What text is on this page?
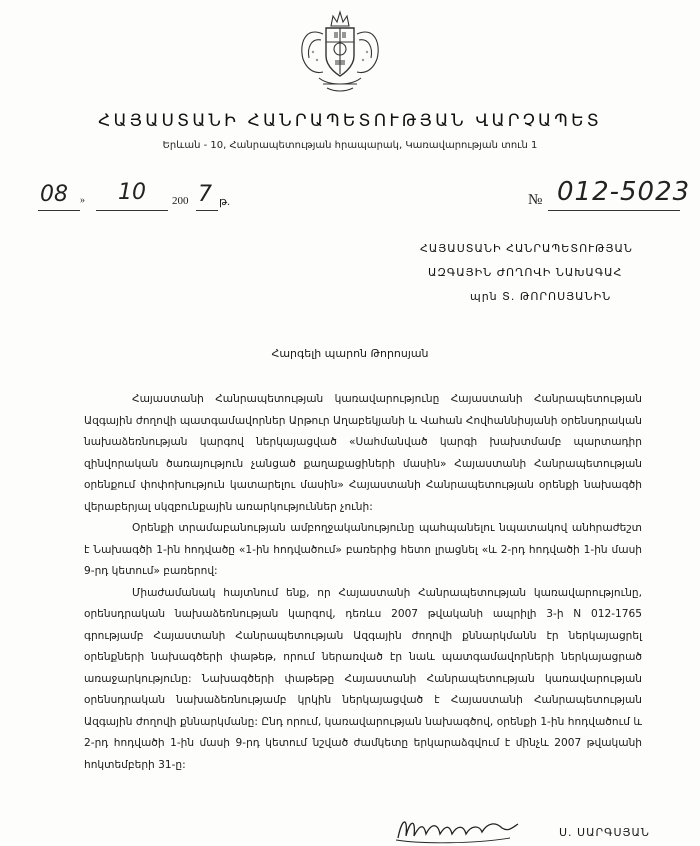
ՀԱՅԱՍՏԱՆԻ ՀԱՆՐԱՊԵՏՈՒԹՅԱՆ ՎԱՐՉԱՊԵՏ
Երևան - 10, Հանրապետության հրապարակ, Կառավարության տուն 1
08 » 10 200 7 թ.	№ 012-5023
ՀԱՅԱՍՏԱՆԻ ՀԱՆՐԱՊԵՏՈՒԹՅԱՆ
ԱԶԳԱՅԻՆ ԺՈՂՈՎԻ ՆԱԽԱԳԱՀ
պրն Տ. ԹՈՐՈՍՅԱՆԻՆ
Հարգելի պարոն Թորոսյան

Հայաստանի Հանրապետության կառավարությունը Հայաստանի Հանրապետության Ազգային ժողովի պատգամավորներ Արթուր Աղաբեկյանի և Վահան Հովհաննիսյանի օրենսդրական նախաձեռնության կարգով ներկայացված «Սահմանված կարգի խախտմամբ պարտադիր զինվորական ծառայություն չանցած քաղաքացիների մասին» Հայաստանի Հանրապետության օրենքում փոփոխություն կատարելու մասին» Հայաստանի Հանրապետության օրենքի նախագծի վերաբերյալ սկզբունքային առարկություններ չունի:

Օրենքի տրամաբանության ամբողջականությունը պահպանելու նպատակով անհրաժեշտ է Նախագծի 1-ին հոդվածը «1-ին հոդվածում» բառերից հետո լրացնել «և 2-րդ հոդվածի 1-ին մասի 9-րդ կետում» բառերով:

Միաժամանակ հայտնում ենք, որ Հայաստանի Հանրապետության կառավարությունը, օրենսդրական նախաձեռնության կարգով, դեռևս 2007 թվականի ապրիլի 3-ի N 012-1765 գրությամբ Հայաստանի Հանրապետության Ազգային ժողովի քննարկմանն էր ներկայացրել օրենքների նախագծերի փաթեթ, որում ներառված էր նաև պատգամավորների ներկայացրած առաջարկությունը: Նախագծերի փաթեթը Հայաստանի Հանրապետության կառավարության օրենսդրական նախաձեռնությամբ կրկին ներկայացված է Հայաստանի Հանրապետության Ազգային ժողովի քննարկմանը: Ընդ որում, կառավարության նախագծով, օրենքի 1-ին հոդվածում և 2-րդ հոդվածի 1-ին մասի 9-րդ կետում նշված ժամկետը երկարաձգվում է մինչև 2007 թվականի հոկտեմբերի 31-ը:

Ս. ՍԱՐԳՍՅԱՆ
